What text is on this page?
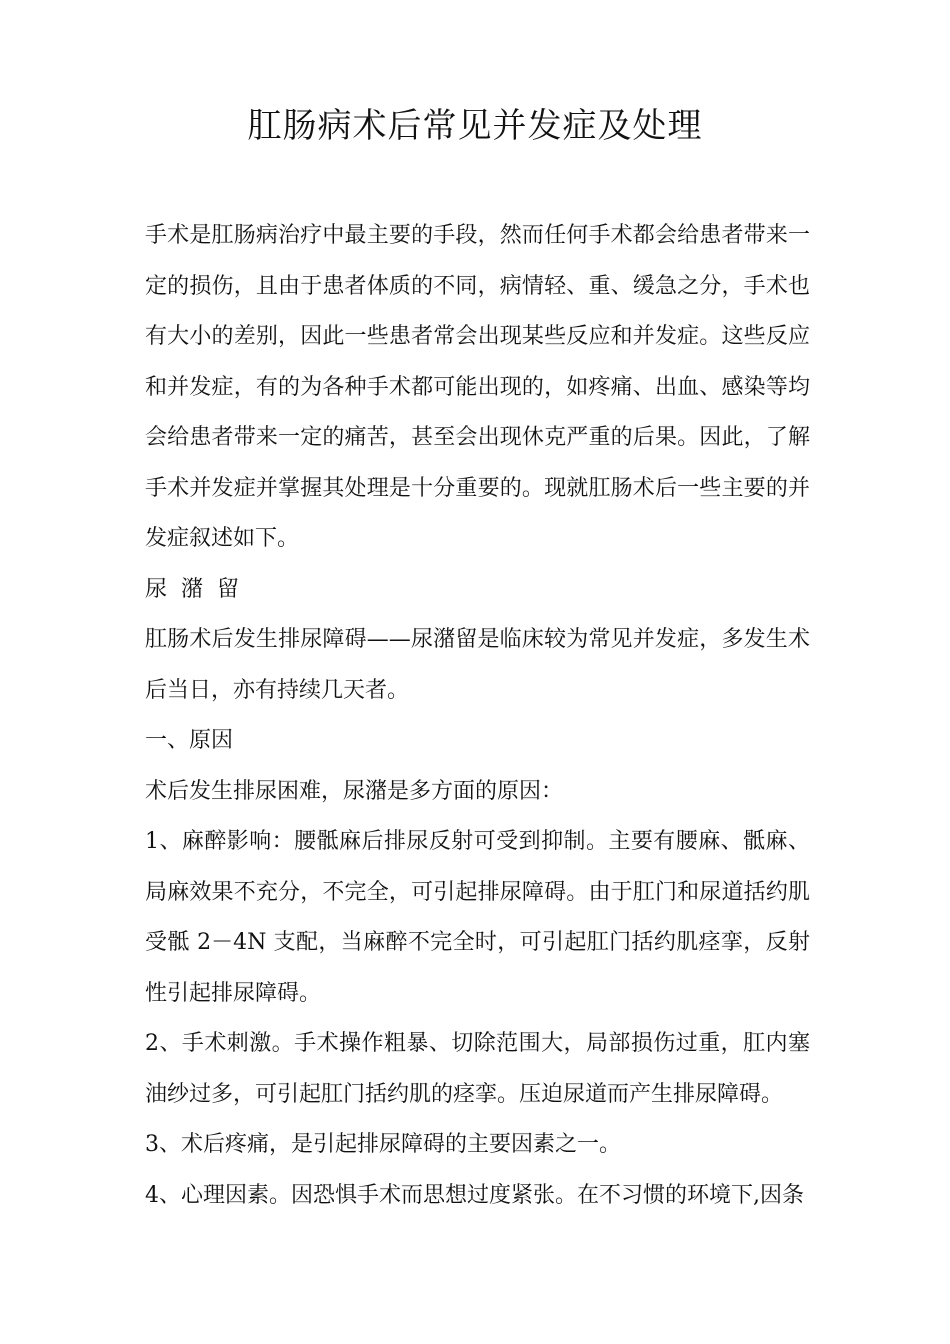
肛肠病术后常见并发症及处理

手术是肛肠病治疗中最主要的手段，然而任何手术都会给患者带来一定的损伤，且由于患者体质的不同，病情轻、重、缓急之分，手术也有大小的差别，因此一些患者常会出现某些反应和并发症。这些反应和并发症，有的为各种手术都可能出现的，如疼痛、出血、感染等均会给患者带来一定的痛苦，甚至会出现休克严重的后果。因此，了解手术并发症并掌握其处理是十分重要的。现就肛肠术后一些主要的并发症叙述如下。

尿潴留

肛肠术后发生排尿障碍——尿潴留是临床较为常见并发症，多发生术后当日，亦有持续几天者。

一、原因

术后发生排尿困难，尿潴是多方面的原因：

1、麻醉影响：腰骶麻后排尿反射可受到抑制。主要有腰麻、骶麻、局麻效果不充分，不完全，可引起排尿障碍。由于肛门和尿道括约肌受骶 2－4N 支配，当麻醉不完全时，可引起肛门括约肌痉挛，反射性引起排尿障碍。

2、手术刺激。手术操作粗暴、切除范围大，局部损伤过重，肛内塞油纱过多，可引起肛门括约肌的痉挛。压迫尿道而产生排尿障碍。

3、术后疼痛，是引起排尿障碍的主要因素之一。

4、心理因素。因恐惧手术而思想过度紧张。在不习惯的环境下,因条
